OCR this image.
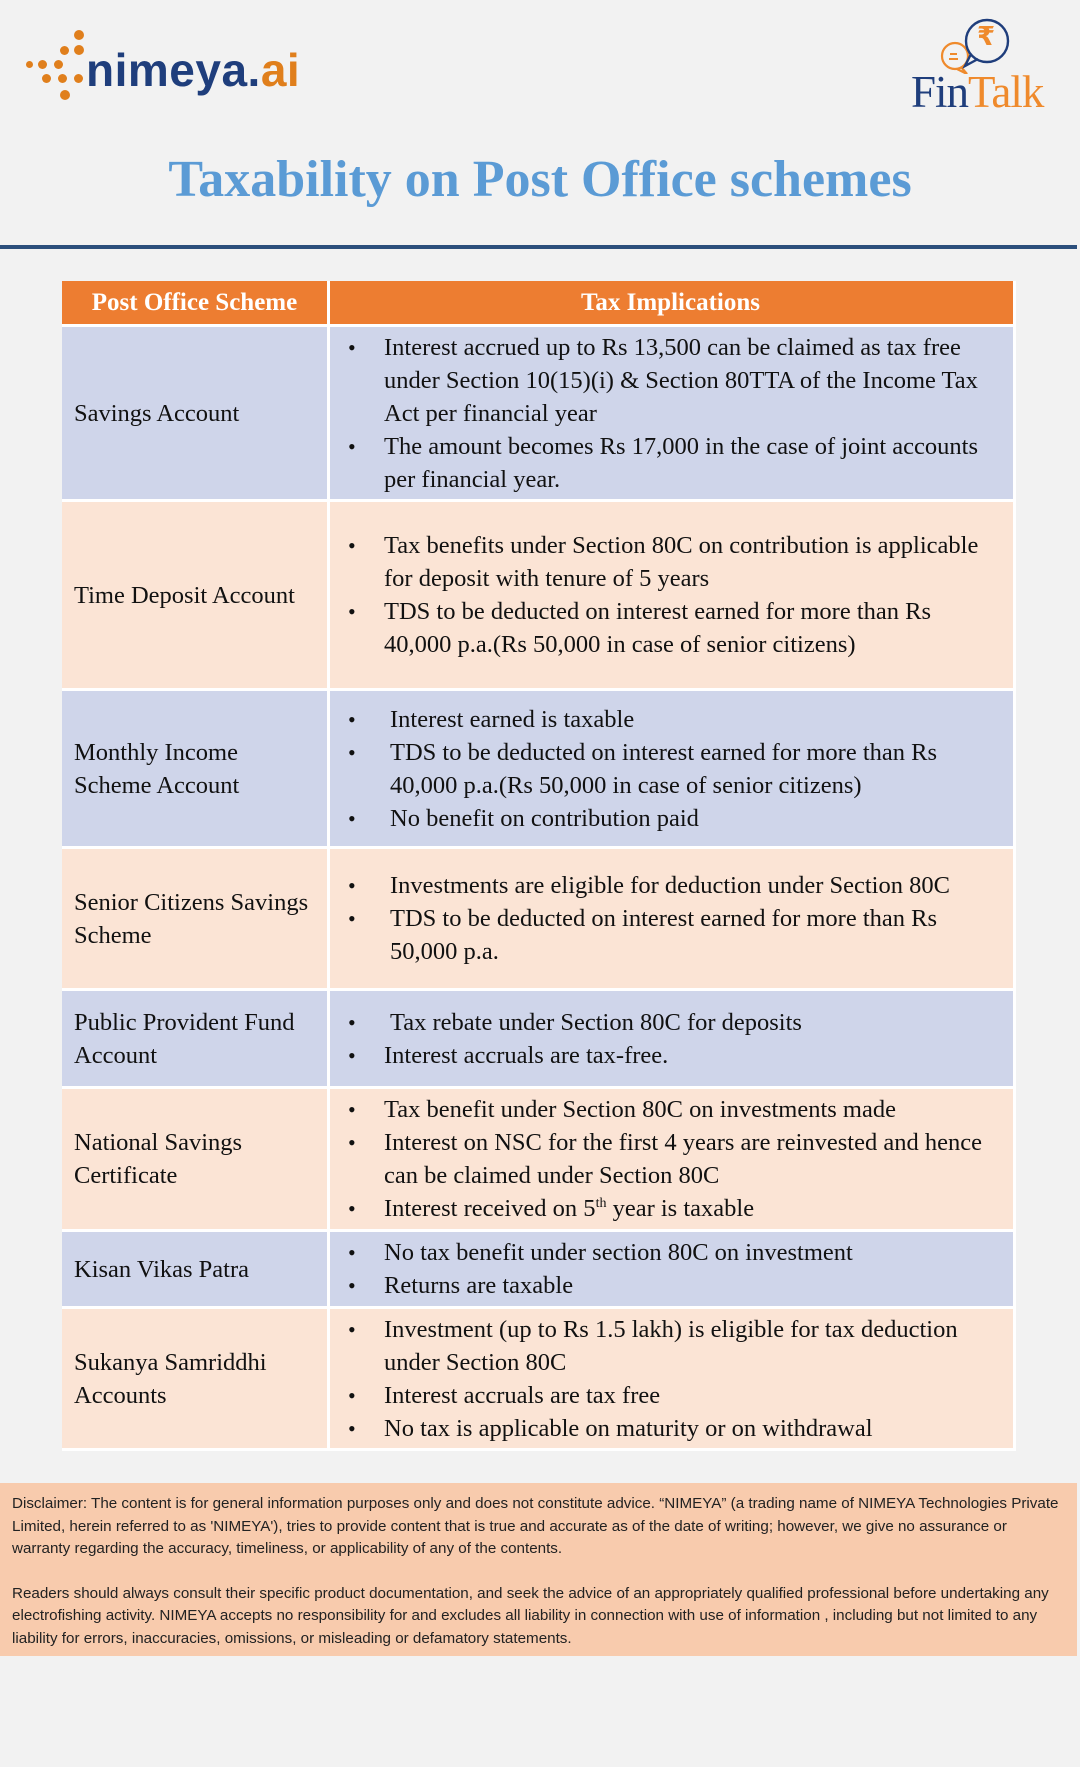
nimeya.ai
₹
FinTalk
Taxability on Post Office schemes
Post Office Scheme	Tax Implications
Savings Account
• Interest accrued up to Rs 13,500 can be claimed as tax free under Section 10(15)(i) & Section 80TTA of the Income Tax Act per financial year
• The amount becomes Rs 17,000 in the case of joint accounts per financial year.
Time Deposit Account
• Tax benefits under Section 80C on contribution is applicable for deposit with tenure of 5 years
• TDS to be deducted on interest earned for more than Rs 40,000 p.a.(Rs 50,000 in case of senior citizens)
Monthly Income Scheme Account
• Interest earned is taxable
• TDS to be deducted on interest earned for more than Rs 40,000 p.a.(Rs 50,000 in case of senior citizens)
• No benefit on contribution paid
Senior Citizens Savings Scheme
• Investments are eligible for deduction under Section 80C
• TDS to be deducted on interest earned for more than Rs 50,000 p.a.
Public Provident Fund Account
• Tax rebate under Section 80C for deposits
• Interest accruals are tax-free.
National Savings Certificate
• Tax benefit under Section 80C on investments made
• Interest on NSC for the first 4 years are reinvested and hence can be claimed under Section 80C
• Interest received on 5th year is taxable
Kisan Vikas Patra
• No tax benefit under section 80C on investment
• Returns are taxable
Sukanya Samriddhi Accounts
• Investment (up to Rs 1.5 lakh) is eligible for tax deduction under Section 80C
• Interest accruals are tax free
• No tax is applicable on maturity or on withdrawal

Disclaimer: The content is for general information purposes only and does not constitute advice. “NIMEYA” (a trading name of NIMEYA Technologies Private Limited, herein referred to as 'NIMEYA'), tries to provide content that is true and accurate as of the date of writing; however, we give no assurance or warranty regarding the accuracy, timeliness, or applicability of any of the contents.

Readers should always consult their specific product documentation, and seek the advice of an appropriately qualified professional before undertaking any electrofishing activity. NIMEYA accepts no responsibility for and excludes all liability in connection with use of information , including but not limited to any liability for errors, inaccuracies, omissions, or misleading or defamatory statements.
